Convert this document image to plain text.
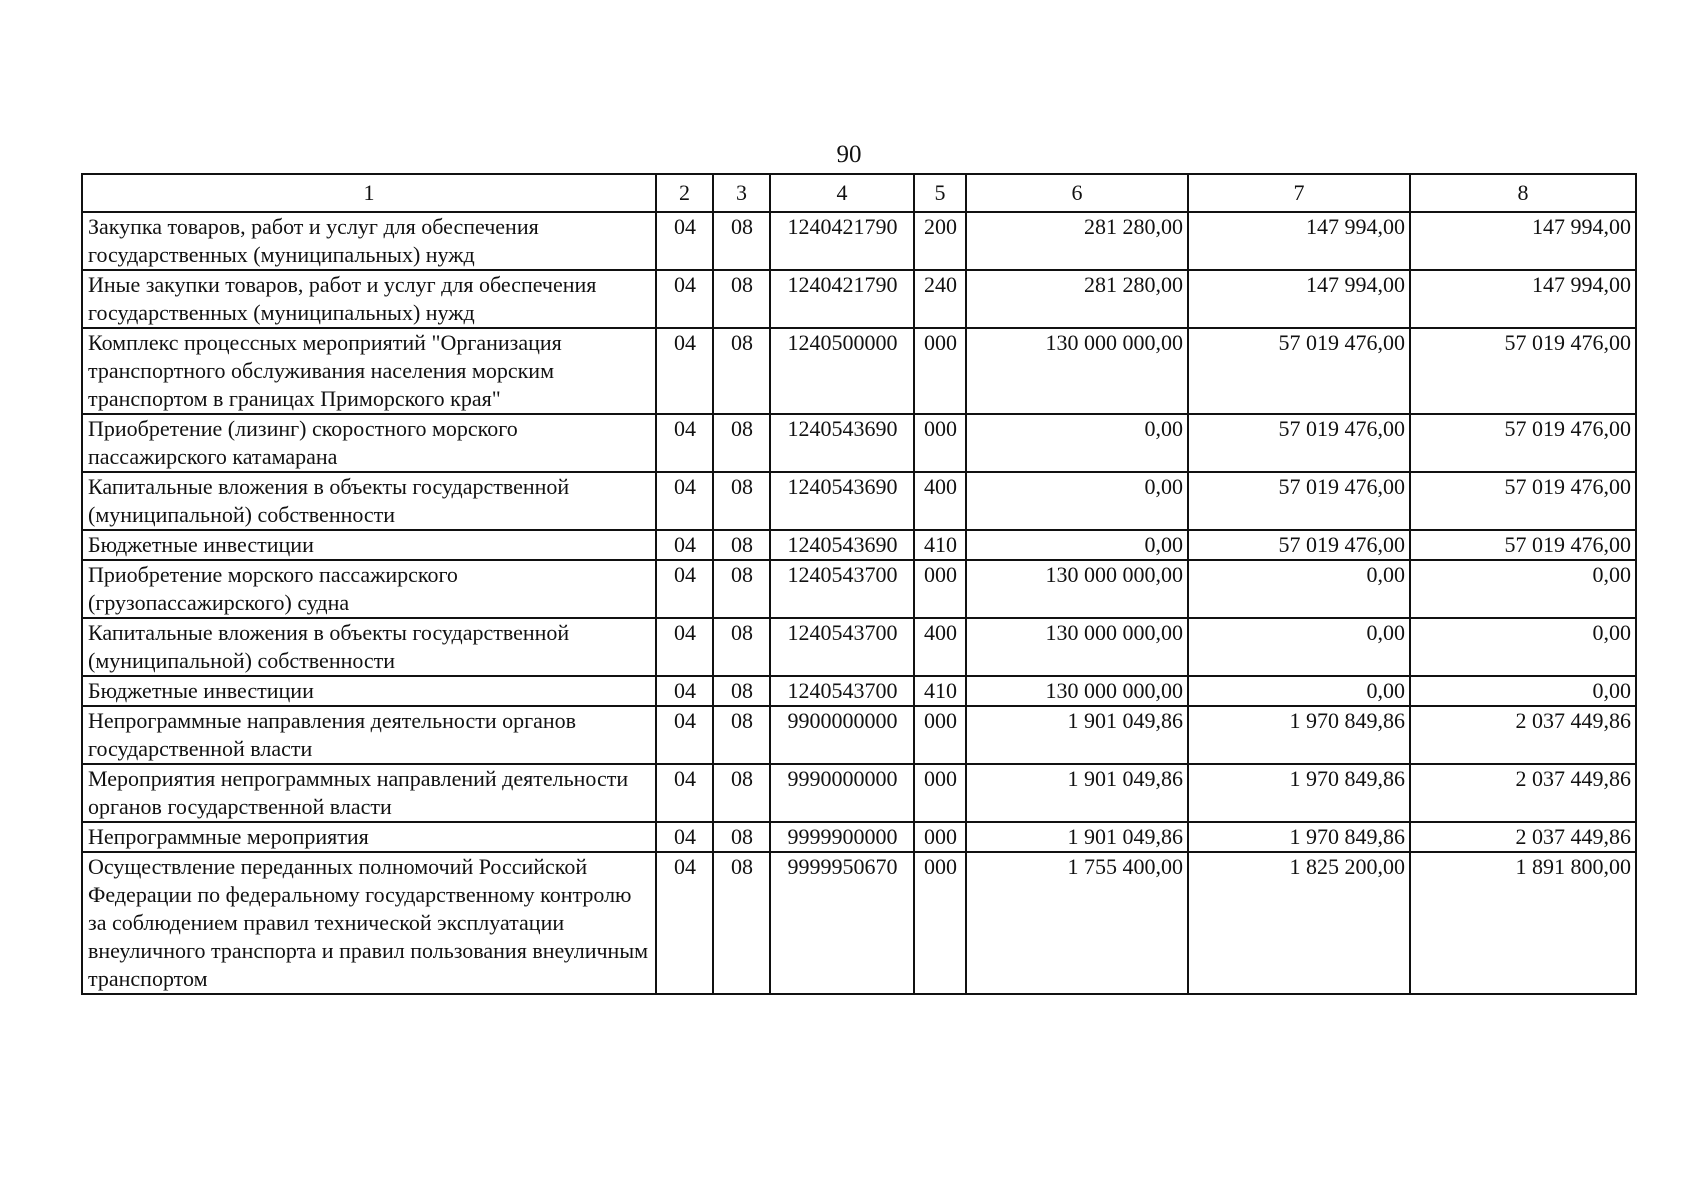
90
1	2	3	4	5	6	7	8
Закупка товаров, работ и услуг для обеспечения государственных (муниципальных) нужд	04	08	1240421790	200	281 280,00	147 994,00	147 994,00
Иные закупки товаров, работ и услуг для обеспечения государственных (муниципальных) нужд	04	08	1240421790	240	281 280,00	147 994,00	147 994,00
Комплекс процессных мероприятий "Организация транспортного обслуживания населения морским транспортом в границах Приморского края"	04	08	1240500000	000	130 000 000,00	57 019 476,00	57 019 476,00
Приобретение (лизинг) скоростного морского пассажирского катамарана	04	08	1240543690	000	0,00	57 019 476,00	57 019 476,00
Капитальные вложения в объекты государственной (муниципальной) собственности	04	08	1240543690	400	0,00	57 019 476,00	57 019 476,00
Бюджетные инвестиции	04	08	1240543690	410	0,00	57 019 476,00	57 019 476,00
Приобретение морского пассажирского (грузопассажирского) судна	04	08	1240543700	000	130 000 000,00	0,00	0,00
Капитальные вложения в объекты государственной (муниципальной) собственности	04	08	1240543700	400	130 000 000,00	0,00	0,00
Бюджетные инвестиции	04	08	1240543700	410	130 000 000,00	0,00	0,00
Непрограммные направления деятельности органов государственной власти	04	08	9900000000	000	1 901 049,86	1 970 849,86	2 037 449,86
Мероприятия непрограммных направлений деятельности органов государственной власти	04	08	9990000000	000	1 901 049,86	1 970 849,86	2 037 449,86
Непрограммные мероприятия	04	08	9999900000	000	1 901 049,86	1 970 849,86	2 037 449,86
Осуществление переданных полномочий Российской Федерации по федеральному государственному контролю за соблюдением правил технической эксплуатации внеуличного транспорта и правил пользования внеуличным транспортом	04	08	9999950670	000	1 755 400,00	1 825 200,00	1 891 800,00
